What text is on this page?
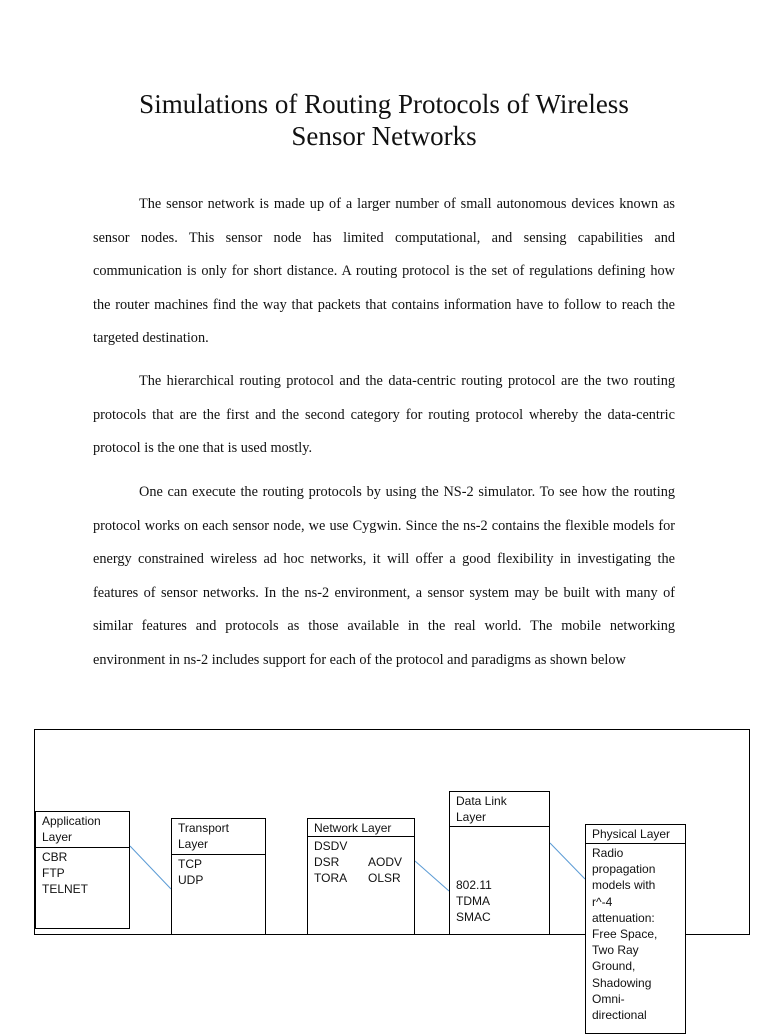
Simulations of Routing Protocols of Wireless
Sensor Networks

The sensor network is made up of a larger number of small autonomous devices known as sensor nodes. This sensor node has limited computational, and sensing capabilities and communication is only for short distance. A routing protocol is the set of regulations defining how the router machines find the way that packets that contains information have to follow to reach the targeted destination.

The hierarchical routing protocol and the data-centric routing protocol are the two routing protocols that are the first and the second category for routing protocol whereby the data-centric protocol is the one that is used mostly.

One can execute the routing protocols by using the NS-2 simulator. To see how the routing protocol works on each sensor node, we use Cygwin. Since the ns-2 contains the flexible models for energy constrained wireless ad hoc networks, it will offer a good flexibility in investigating the features of sensor networks. In the ns-2 environment, a sensor system may be built with many of similar features and protocols as those available in the real world. The mobile networking environment in ns-2 includes support for each of the protocol and paradigms as shown below

Application
Layer
CBR
FTP
TELNET
Transport
Layer
TCP
UDP
Network Layer
DSDV
DSR	AODV
TORA	OLSR
Data Link
Layer
802.11
TDMA
SMAC
Physical Layer
Radio
propagation
models with
r^-4
attenuation:
Free Space,
Two Ray
Ground,
Shadowing
Omni-
directional
